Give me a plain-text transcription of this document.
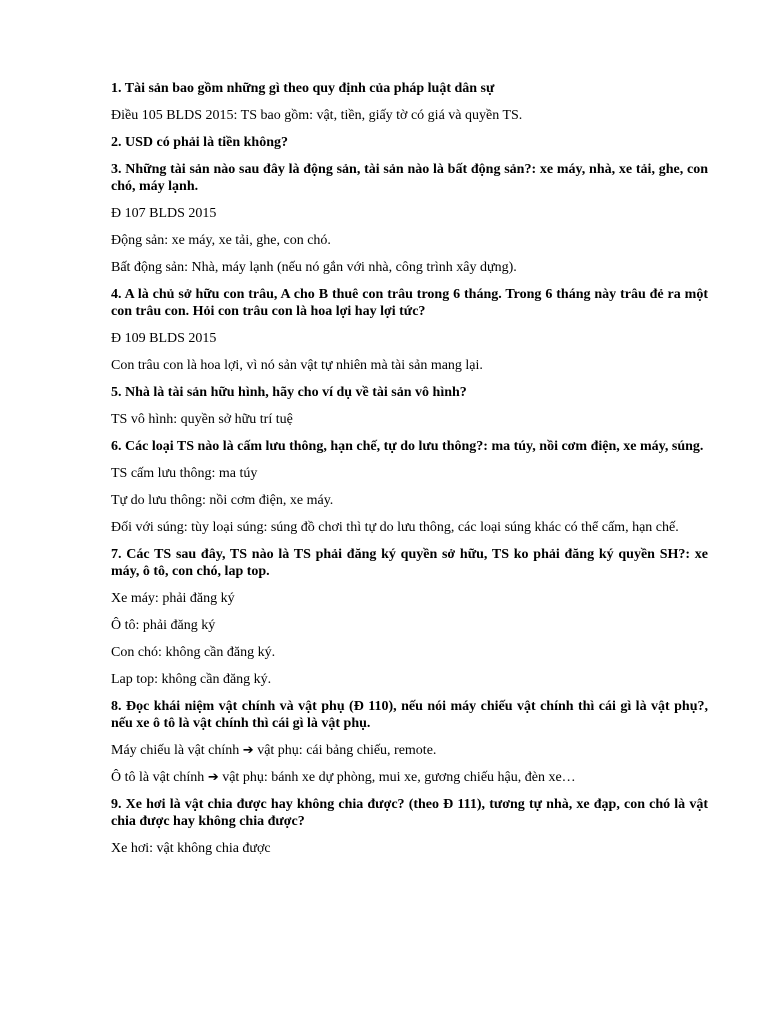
1. Tài sản bao gồm những gì theo quy định của pháp luật dân sự

Điều 105 BLDS 2015: TS bao gồm: vật, tiền, giấy tờ có giá và quyền TS.

2. USD có phải là tiền không?

3. Những tài sản nào sau đây là động sản, tài sản nào là bất động sản?: xe máy, nhà, xe tải, ghe, con chó, máy lạnh.

Đ 107 BLDS 2015

Động sản: xe máy, xe tải, ghe, con chó.

Bất động sản: Nhà, máy lạnh (nếu nó gắn với nhà, công trình xây dựng).

4. A là chủ sở hữu con trâu, A cho B thuê con trâu trong 6 tháng. Trong 6 tháng này trâu đẻ ra một con trâu con. Hỏi con trâu con là hoa lợi hay lợi tức?

Đ 109 BLDS 2015

Con trâu con là hoa lợi, vì nó sản vật tự nhiên mà tài sản mang lại.

5. Nhà là tài sản hữu hình, hãy cho ví dụ về tài sản vô hình?

TS vô hình: quyền sở hữu trí tuệ

6. Các loại TS nào là cấm lưu thông, hạn chế, tự do lưu thông?: ma túy, nồi cơm điện, xe máy, súng.

TS cấm lưu thông: ma túy

Tự do lưu thông: nồi cơm điện, xe máy.

Đối với súng: tùy loại súng: súng đồ chơi thì tự do lưu thông, các loại súng khác có thể cấm, hạn chế.

7. Các TS sau đây, TS nào là TS phải đăng ký quyền sở hữu, TS ko phải đăng ký quyền SH?: xe máy, ô tô, con chó, lap top.

Xe máy: phải đăng ký

Ô tô: phải đăng ký

Con chó: không cần đăng ký.

Lap top: không cần đăng ký.

8. Đọc khái niệm vật chính và vật phụ (Đ 110), nếu nói máy chiếu vật chính thì cái gì là vật phụ?, nếu xe ô tô là vật chính thì cái gì là vật phụ.

Máy chiếu là vật chính ➔ vật phụ: cái bảng chiếu, remote.

Ô tô là vật chính ➔ vật phụ: bánh xe dự phòng, mui xe, gương chiếu hậu, đèn xe…

9. Xe hơi là vật chia được hay không chia được? (theo Đ 111), tương tự nhà, xe đạp, con chó là vật chia được hay không chia được?

Xe hơi: vật không chia được
